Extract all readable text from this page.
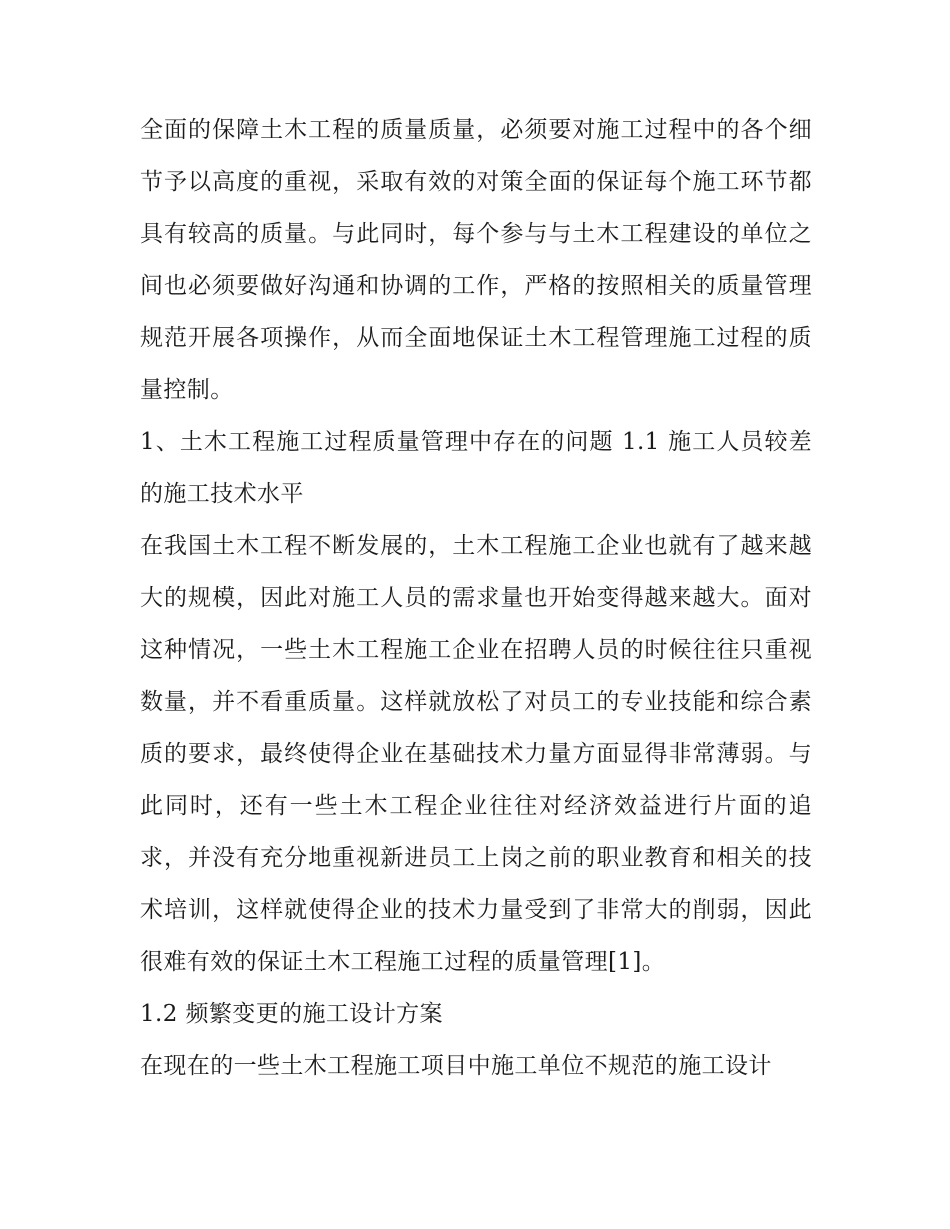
全面的保障土木工程的质量质量，必须要对施工过程中的各个细节予以高度的重视，采取有效的对策全面的保证每个施工环节都具有较高的质量。与此同时，每个参与与土木工程建设的单位之间也必须要做好沟通和协调的工作，严格的按照相关的质量管理规范开展各项操作，从而全面地保证土木工程管理施工过程的质量控制。

1、土木工程施工过程质量管理中存在的问题 1.1 施工人员较差的施工技术水平

在我国土木工程不断发展的，土木工程施工企业也就有了越来越大的规模，因此对施工人员的需求量也开始变得越来越大。面对这种情况，一些土木工程施工企业在招聘人员的时候往往只重视数量，并不看重质量。这样就放松了对员工的专业技能和综合素质的要求，最终使得企业在基础技术力量方面显得非常薄弱。与此同时，还有一些土木工程企业往往对经济效益进行片面的追求，并没有充分地重视新进员工上岗之前的职业教育和相关的技术培训，这样就使得企业的技术力量受到了非常大的削弱，因此很难有效的保证土木工程施工过程的质量管理[1]。

1.2 频繁变更的施工设计方案

在现在的一些土木工程施工项目中施工单位不规范的施工设计
